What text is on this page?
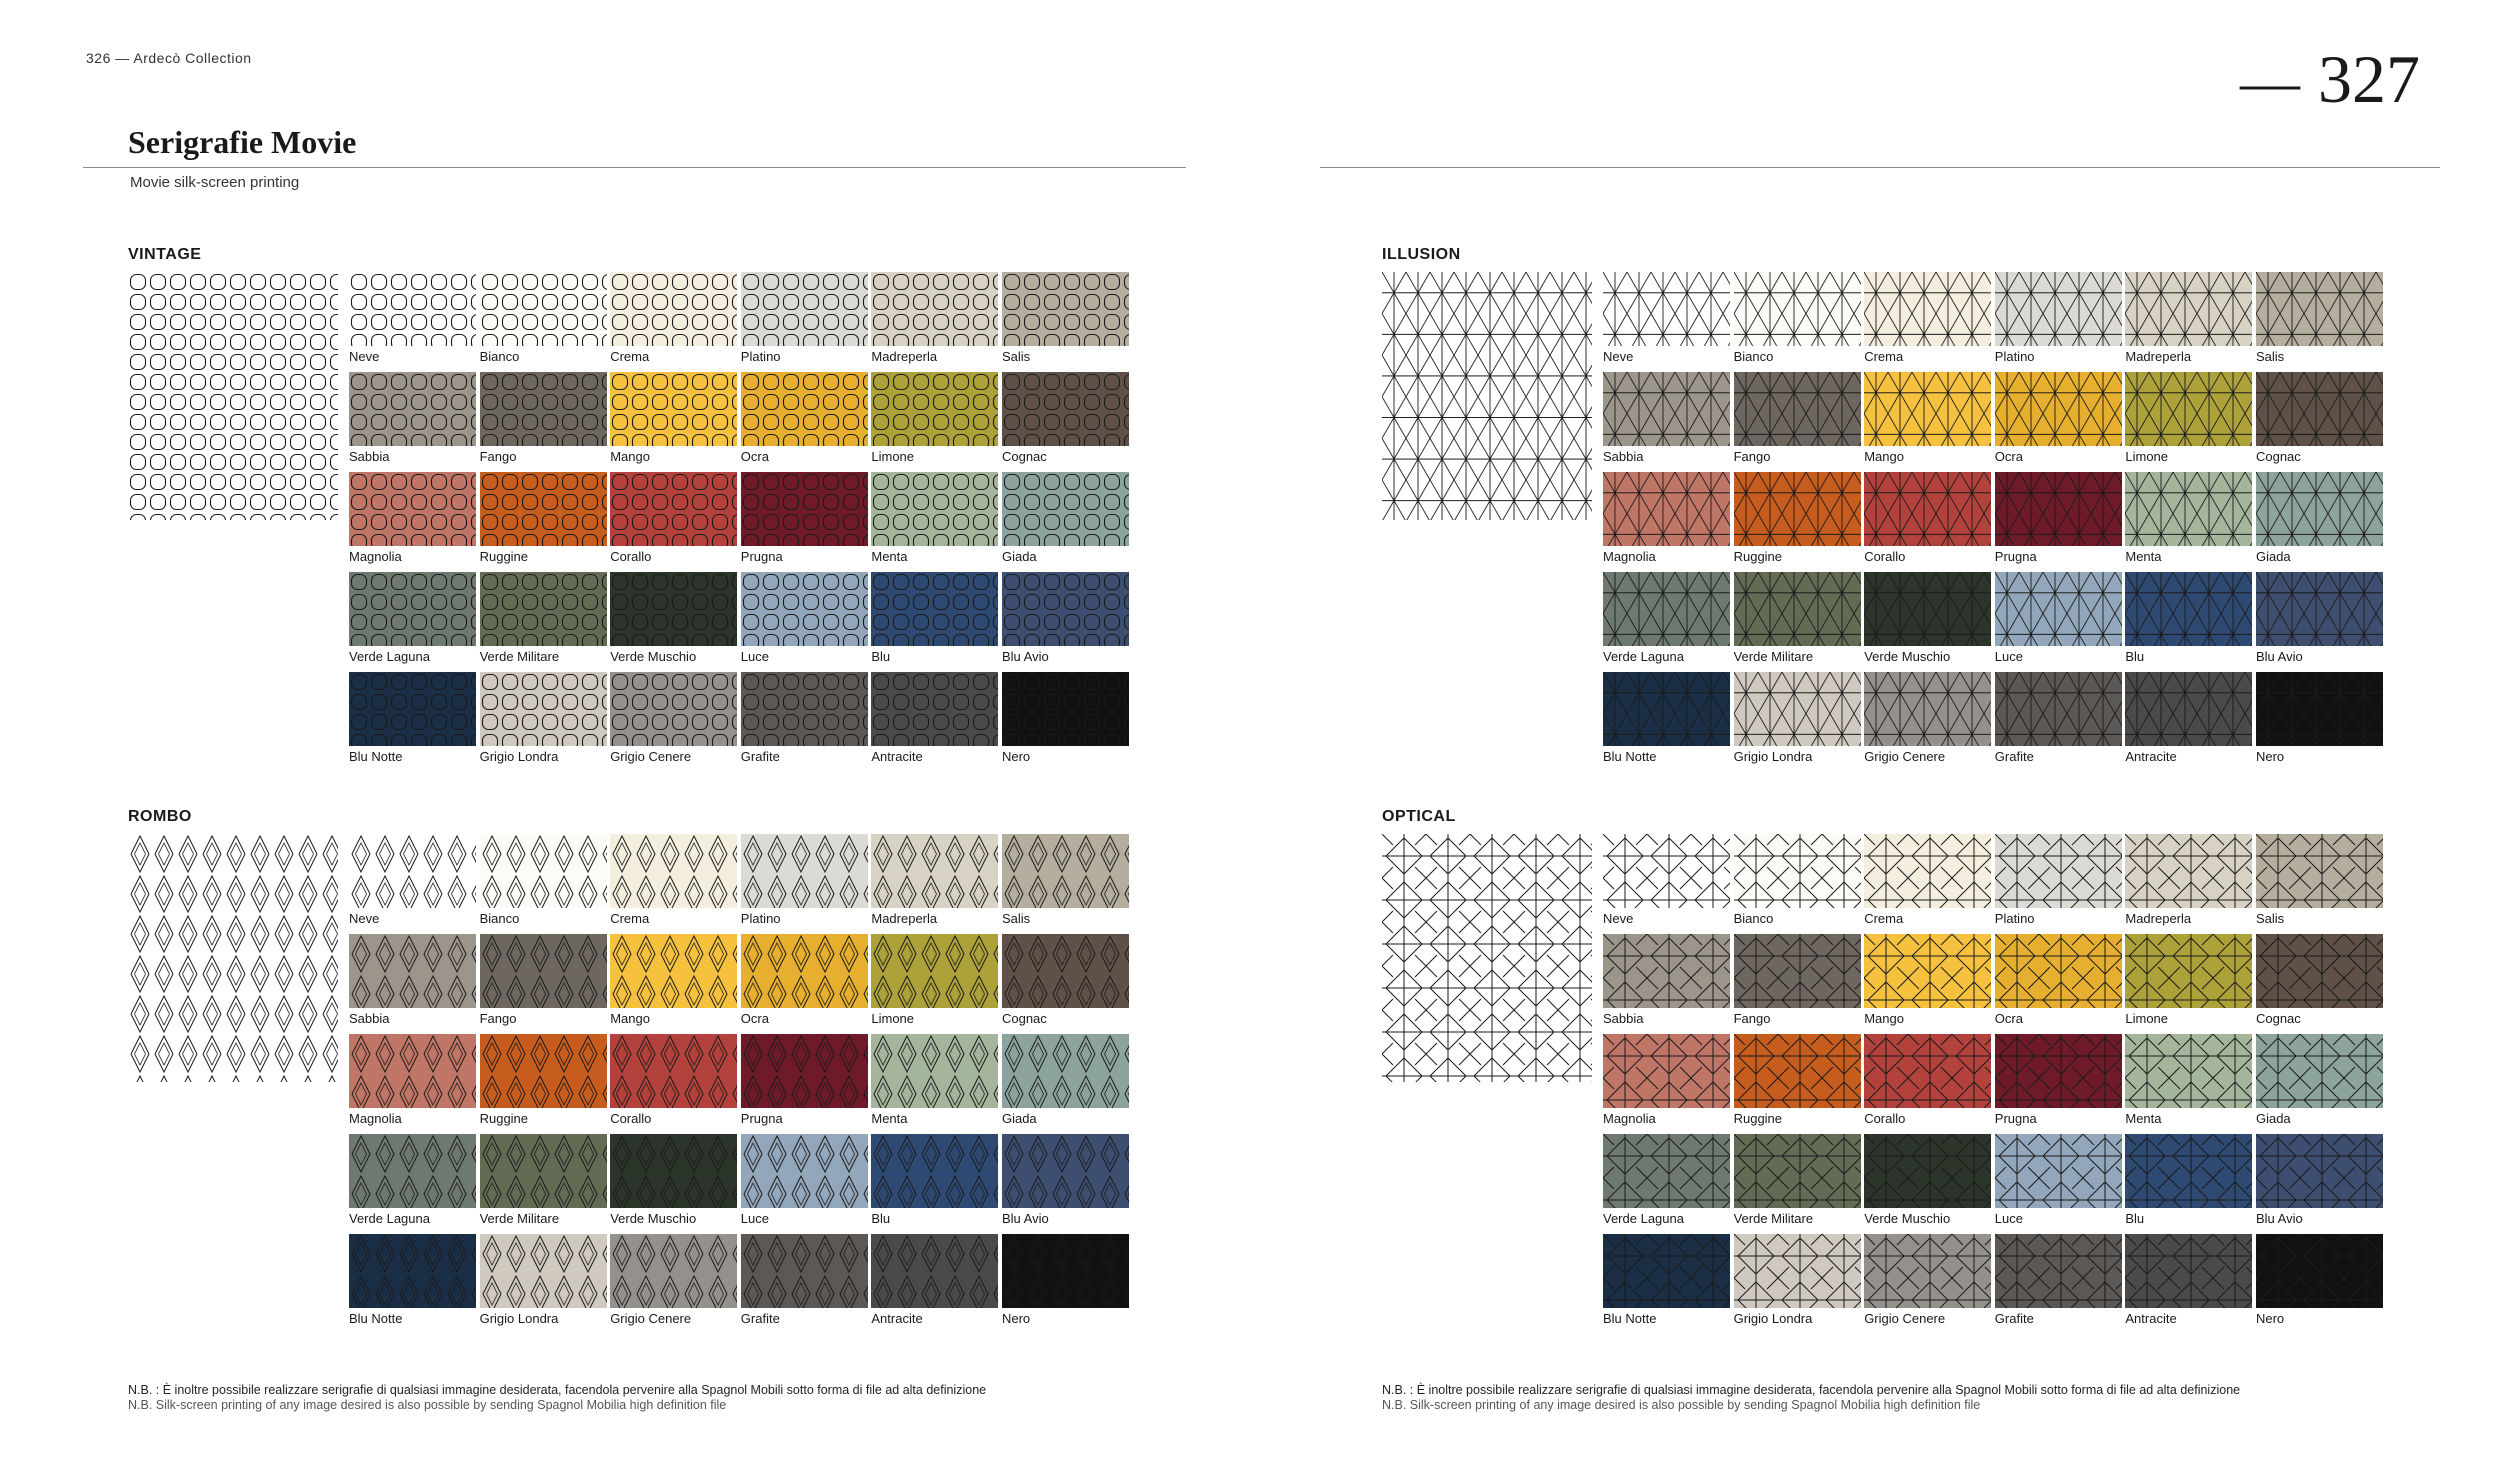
326 — Ardecò Collection	— 327
Serigrafie Movie
Movie silk-screen printing
VINTAGE
Neve	Bianco	Crema	Platino	Madreperla	Salis
Sabbia	Fango	Mango	Ocra	Limone	Cognac
Magnolia	Ruggine	Corallo	Prugna	Menta	Giada
Verde Laguna	Verde Militare	Verde Muschio	Luce	Blu	Blu Avio
Blu Notte	Grigio Londra	Grigio Cenere	Grafite	Antracite	Nero
ILLUSION
Neve	Bianco	Crema	Platino	Madreperla	Salis
Sabbia	Fango	Mango	Ocra	Limone	Cognac
Magnolia	Ruggine	Corallo	Prugna	Menta	Giada
Verde Laguna	Verde Militare	Verde Muschio	Luce	Blu	Blu Avio
Blu Notte	Grigio Londra	Grigio Cenere	Grafite	Antracite	Nero
ROMBO
Neve	Bianco	Crema	Platino	Madreperla	Salis
Sabbia	Fango	Mango	Ocra	Limone	Cognac
Magnolia	Ruggine	Corallo	Prugna	Menta	Giada
Verde Laguna	Verde Militare	Verde Muschio	Luce	Blu	Blu Avio
Blu Notte	Grigio Londra	Grigio Cenere	Grafite	Antracite	Nero
OPTICAL
Neve	Bianco	Crema	Platino	Madreperla	Salis
Sabbia	Fango	Mango	Ocra	Limone	Cognac
Magnolia	Ruggine	Corallo	Prugna	Menta	Giada
Verde Laguna	Verde Militare	Verde Muschio	Luce	Blu	Blu Avio
Blu Notte	Grigio Londra	Grigio Cenere	Grafite	Antracite	Nero
N.B. : È inoltre possibile realizzare serigrafie di qualsiasi immagine desiderata, facendola pervenire alla Spagnol Mobili sotto forma di file ad alta definizione
N.B. Silk-screen printing of any image desired is also possible by sending Spagnol Mobilia high definition file
N.B. : È inoltre possibile realizzare serigrafie di qualsiasi immagine desiderata, facendola pervenire alla Spagnol Mobili sotto forma di file ad alta definizione
N.B. Silk-screen printing of any image desired is also possible by sending Spagnol Mobilia high definition file
